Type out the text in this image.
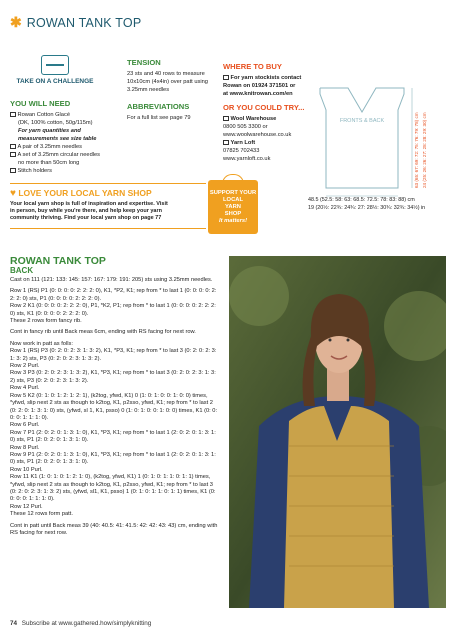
✱ ROWAN TANK TOP
TAKE ON A CHALLENGE
YOU WILL NEED
Rowan Cotton Glacé
(DK, 100% cotton, 50g/115m)
For yarn quantities and
measurements see size table
A pair of 3.25mm needles
A set of 3.25mm circular needles
no more than 50cm long
Stitch holders
TENSION
23 sts and 40 rows to measure 10x10cm (4x4in) over patt using 3.25mm needles
ABBREVIATIONS
For a full list see page 79
WHERE TO BUY
For yarn stockists contact
Rowan on 01924 371501 or
at www.knitrowan.com/en
OR YOU COULD TRY...
Wool Warehouse
0800 505 3300 or
www.woolwarehouse.co.uk
Yarn Loft
07825 702433
www.yarnloft.co.uk
FRONTS & BACK	63 (65: 67: 69: 72: 75: 76: 79: 78) cm 24 (25: 26: 26: 27: 28: 28: 29: 30) cm
48.5 (52.5: 58: 63: 68.5: 72.5: 78: 83: 88) cm
19 (20½: 22¾: 24¾: 27: 28½: 30¾: 32¾: 34½) in
♥ LOVE YOUR LOCAL YARN SHOP
Your local yarn shop is full of inspiration and expertise. Visit
in person, buy while you're there, and help keep your yarn
community thriving. Find your local yarn shop on page 77
SUPPORT YOUR
LOCAL
YARN
SHOP
It matters!
ROWAN TANK TOP
BACK

Cast on 111 (121: 133: 145: 157: 167: 179: 191: 205) sts using 3.25mm needles.

Row 1 (RS) P1 (0: 0: 0: 0: 2: 2: 2: 0), K1, *P2, K1; rep from * to last 1 (0: 0: 0: 0: 2: 2: 2: 0) sts, P1 (0: 0: 0: 0: 2: 2: 2: 0).

Row 2 K1 (0: 0: 0: 0: 2: 2: 2: 0), P1, *K2, P1; rep from * to last 1 (0: 0: 0: 0: 2: 2: 2: 0) sts, K1 (0: 0: 0: 0: 2: 2: 2: 0).

These 2 rows form fancy rib.

Cont in fancy rib until Back meas 6cm, ending with RS facing for next row.

Now work in patt as folls:

Row 1 (RS) P3 (0: 2: 0: 2: 3: 1: 3: 2), K1, *P3, K1; rep from * to last 3 (0: 2: 0: 2: 3: 1: 3: 2) sts, P3 (0: 2: 0: 2: 3: 1: 3: 2).

Row 2 Purl.

Row 3 P3 (0: 2: 0: 2: 3: 1: 3: 2), K1, *P3, K1; rep from * to last 3 (0: 2: 0: 2: 3: 1: 3: 2) sts, P3 (0: 2: 0: 2: 3: 1: 3: 2).

Row 4 Purl.

Row 5 K2 (0: 1: 0: 1: 2: 1: 2: 1), (k2tog, yfwd, K1) 0 (1: 0: 1: 0: 0: 1: 0: 0) times, *yfwd, slip next 2 sts as though to k2tog, K1, p2sso, yfwd, K1; rep from * to last 2 (0: 2: 0: 1: 3: 1: 0) sts, (yfwd, sl 1, K1, psso) 0 (1: 0: 1: 0: 0: 1: 0: 0) times, K1 (0: 0: 0: 0: 1: 1: 1: 0).

Row 6 Purl.

Row 7 P1 (2: 0: 2: 0: 1: 3: 1: 0), K1, *P3, K1; rep from * to last 1 (2: 0: 2: 0: 1: 3: 1: 0) sts, P1 (2: 0: 2: 0: 1: 3: 1: 0).

Row 8 Purl.

Row 9 P1 (2: 0: 2: 0: 1: 3: 1: 0), K1, *P3, K1; rep from * to last 1 (2: 0: 2: 0: 1: 3: 1: 0) sts, P1 (2: 0: 2: 0: 1: 3: 1: 0).

Row 10 Purl.

Row 11 K1 (1: 0: 1: 0: 1: 2: 1: 0), (k2tog, yfwd, K1) 1 (0: 1: 0: 1: 1: 0: 1: 1) times, *yfwd, slip next 2 sts as though to k2tog, K1, p2sso, yfwd, K1; rep from * to last 3 (0: 2: 0: 2: 3: 1: 3: 2) sts, (yfwd, sl1, K1, psso) 1 (0: 1: 0: 1: 1: 0: 1: 1) times, K1 (0: 0: 0: 0: 1: 1: 1: 0).

Row 12 Purl.

These 12 rows form patt.

Cont in patt until Back meas 39 (40: 40.5: 41: 41.5: 42: 42: 43: 43) cm, ending with RS facing for next row.

74 Subscribe at www.gathered.how/simplyknitting
